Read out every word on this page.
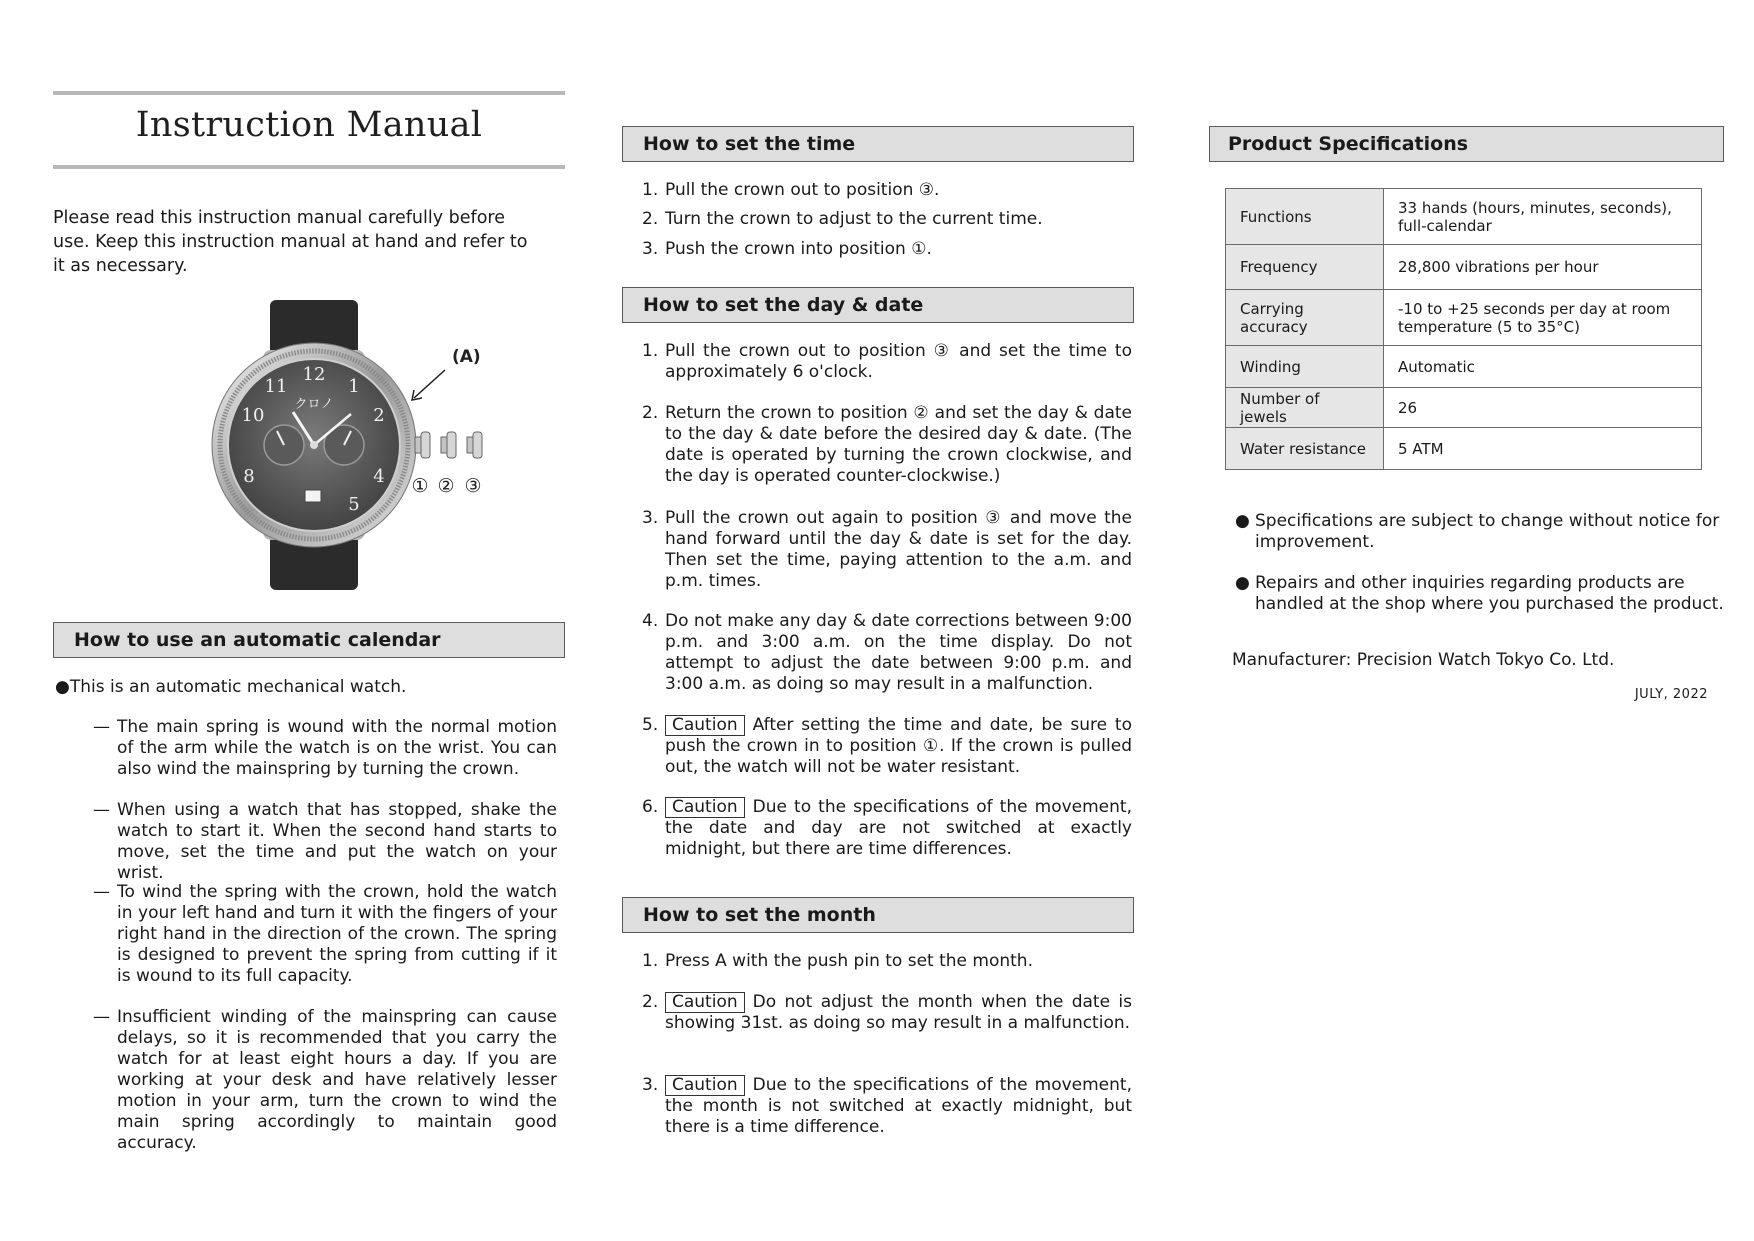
Instruction Manual
Please read this instruction manual carefully before use. Keep this instruction manual at hand and refer to it as necessary.
12
1
2
4
5
8
10
11
クロノ
(A)
① ② ③
How to use an automatic calendar
●This is an automatic mechanical watch.
— The main spring is wound with the normal motion of the arm while the watch is on the wrist. You can also wind the mainspring by turning the crown.
— When using a watch that has stopped, shake the watch to start it. When the second hand starts to move, set the time and put the watch on your wrist.
— To wind the spring with the crown, hold the watch in your left hand and turn it with the fingers of your right hand in the direction of the crown. The spring is designed to prevent the spring from cutting if it is wound to its full capacity.
— Insufficient winding of the mainspring can cause delays, so it is recommended that you carry the watch for at least eight hours a day. If you are working at your desk and have relatively lesser motion in your arm, turn the crown to wind the main spring accordingly to maintain good accuracy.
How to set the time
1. Pull the crown out to position ③.
2. Turn the crown to adjust to the current time.
3. Push the crown into position ①.
How to set the day & date
1. Pull the crown out to position ③ and set the time to approximately 6 o'clock.
2. Return the crown to position ② and set the day & date to the day & date before the desired day & date. (The date is operated by turning the crown clockwise, and the day is operated counter-clockwise.)
3. Pull the crown out again to position ③ and move the hand forward until the day & date is set for the day. Then set the time, paying attention to the a.m. and p.m. times.
4. Do not make any day & date corrections between 9:00 p.m. and 3:00 a.m. on the time display. Do not attempt to adjust the date between 9:00 p.m. and 3:00 a.m. as doing so may result in a malfunction.
5. Caution After setting the time and date, be sure to push the crown in to position ①. If the crown is pulled out, the watch will not be water resistant.
6. Caution Due to the specifications of the movement, the date and day are not switched at exactly midnight, but there are time differences.
How to set the month
1. Press A with the push pin to set the month.
2. Caution Do not adjust the month when the date is showing 31st. as doing so may result in a malfunction.
3. Caution Due to the specifications of the movement, the month is not switched at exactly midnight, but there is a time difference.
Product Specifications
Functions	33 hands (hours, minutes, seconds), full-calendar
Frequency	28,800 vibrations per hour
Carrying accuracy	-10 to +25 seconds per day at room temperature (5 to 35°C)
Winding	Automatic
Number of jewels	26
Water resistance	5 ATM
● Specifications are subject to change without notice for improvement.
● Repairs and other inquiries regarding products are handled at the shop where you purchased the product.
Manufacturer: Precision Watch Tokyo Co. Ltd.
JULY, 2022
